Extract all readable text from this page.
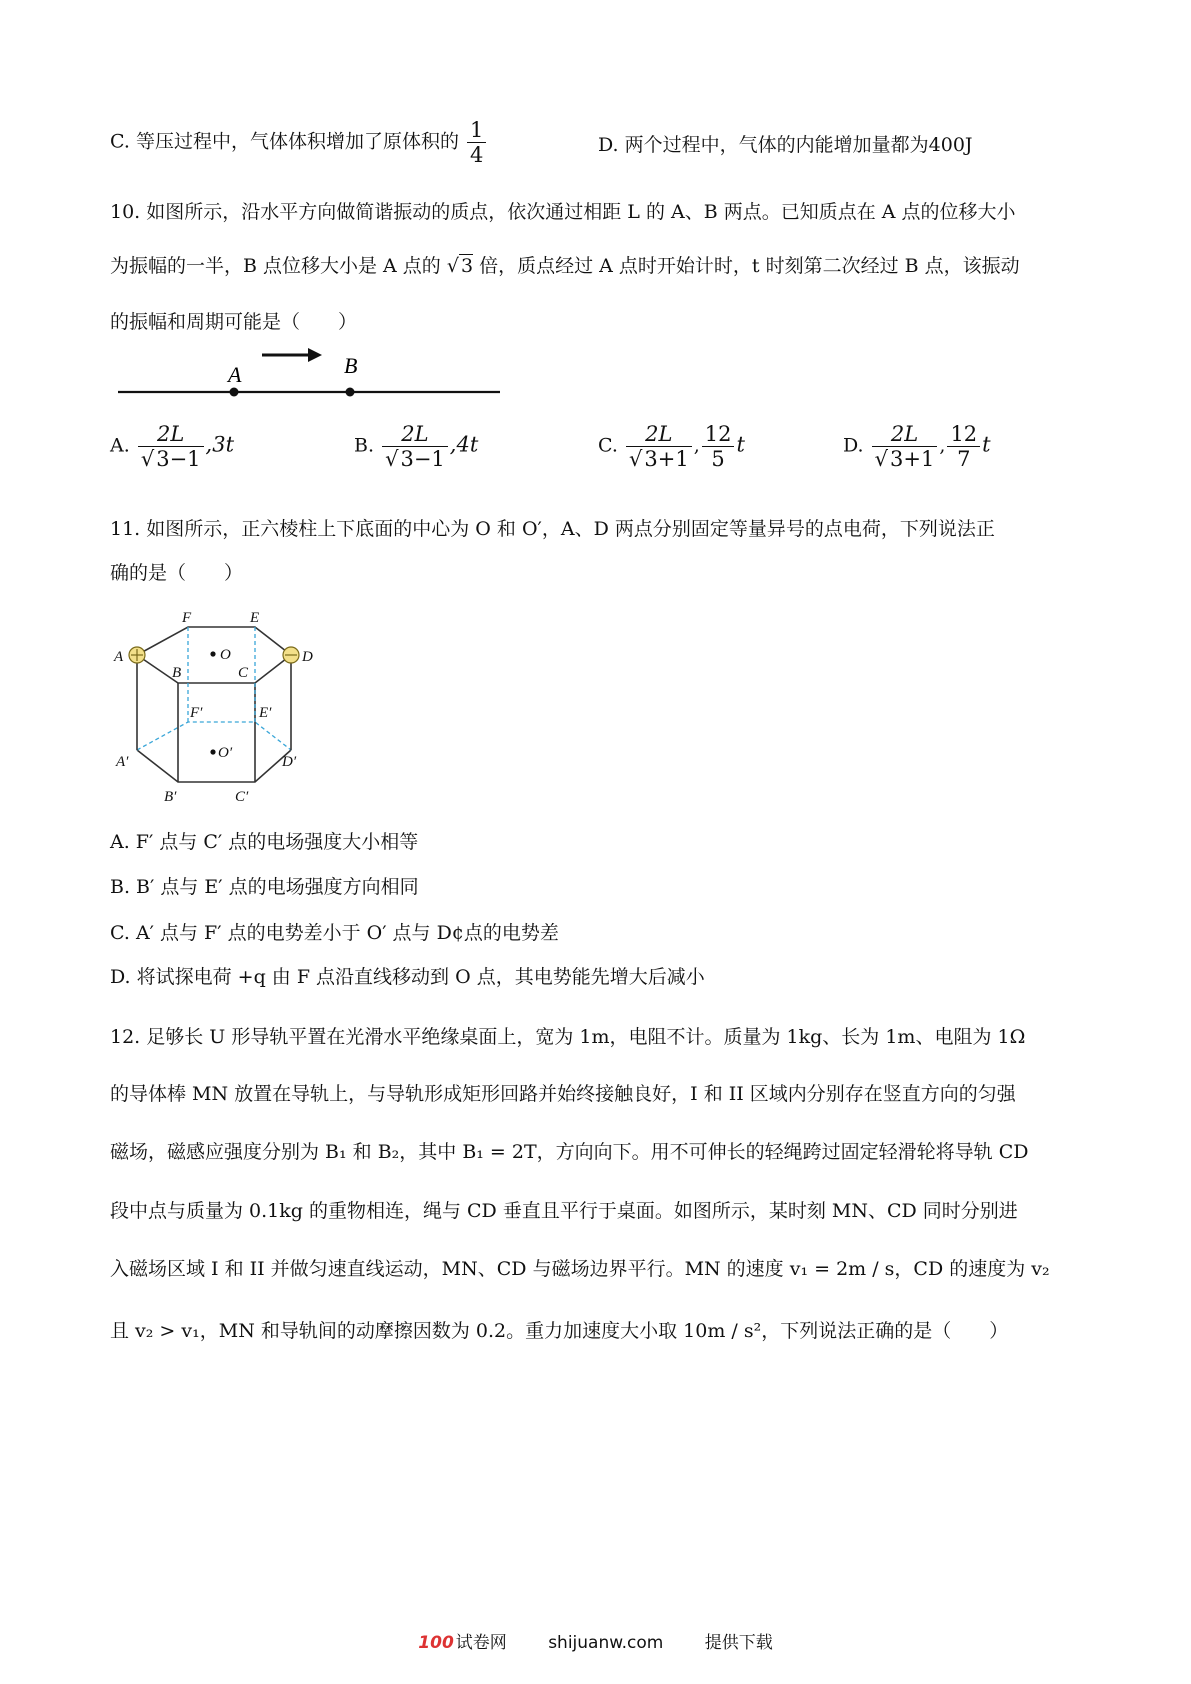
C. 等压过程中，气体体积增加了原体积的 $\frac{1}{4}$	D. 两个过程中，气体的内能增加量都为400J
10. 如图所示，沿水平方向做简谐振动的质点，依次通过相距 L 的 A、B 两点。已知质点在 A 点的位移大小
为振幅的一半，B 点位移大小是 A 点的 √ 3 倍，质点经过 A 点时开始计时，t 时刻第二次经过 B 点，该振动
的振幅和周期可能是（　　）
A	B
A. $\frac{2L}{√3-1} ,3t$	B. $\frac{2L}{√3-1} ,4t$	C. $\frac{2L}{√3+1}$ , $\frac{12}{5}$ t	D. $\frac{2L}{√3+1}$ , $\frac{12}{7}$ t
11. 如图所示，正六棱柱上下底面的中心为 O 和 O′，A、D 两点分别固定等量异号的点电荷，下列说法正
确的是（　　）
F	E
A	D
O
B	C
F′	E′
A′	D′
O′
B′	C′
A. F′ 点与 C′ 点的电场强度大小相等
B. B′ 点与 E′ 点的电场强度方向相同
C. A′ 点与 F′ 点的电势差小于 O′ 点与 D¢点的电势差
D. 将试探电荷 +q 由 F 点沿直线移动到 O 点，其电势能先增大后减小
12. 足够长 U 形导轨平置在光滑水平绝缘桌面上，宽为 1m，电阻不计。质量为 1kg、长为 1m、电阻为 1Ω
的导体棒 MN 放置在导轨上，与导轨形成矩形回路并始终接触良好，I 和 II 区域内分别存在竖直方向的匀强
磁场，磁感应强度分别为 B₁ 和 B₂，其中 B₁ = 2T，方向向下。用不可伸长的轻绳跨过固定轻滑轮将导轨 CD
段中点与质量为 0.1kg 的重物相连，绳与 CD 垂直且平行于桌面。如图所示，某时刻 MN、CD 同时分别进
入磁场区域 I 和 II 并做匀速直线运动，MN、CD 与磁场边界平行。MN 的速度 v₁ = 2m / s，CD 的速度为 v₂
且 v₂ > v₁，MN 和导轨间的动摩擦因数为 0.2。重力加速度大小取 10m / s²，下列说法正确的是（　　）
100 试卷网 shijuanw.com 提供下载
